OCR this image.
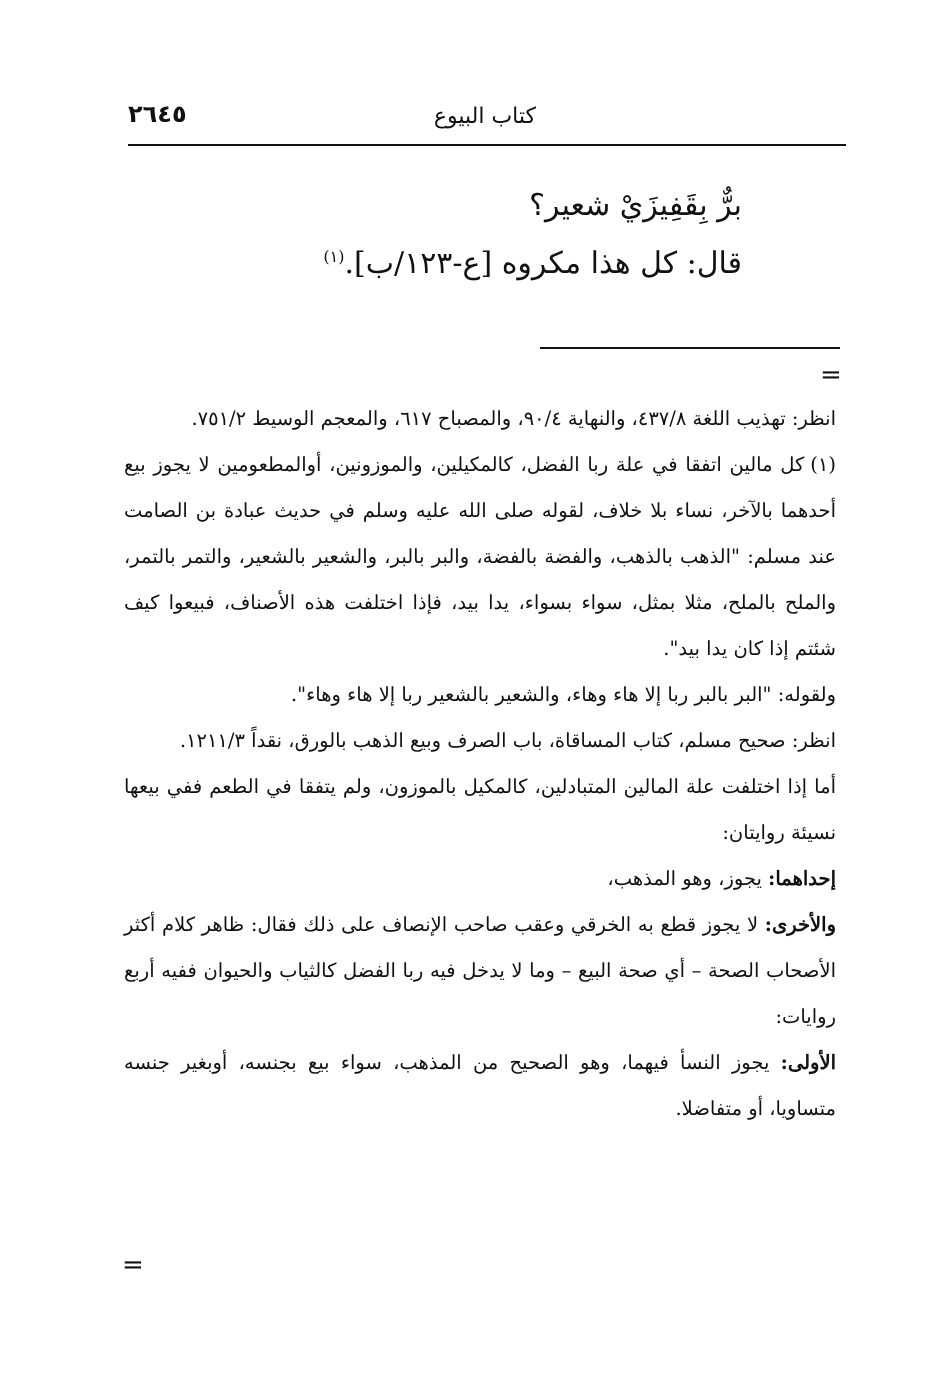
كتاب البيوع
٢٦٤٥
برٌّ بِقَفِيزَيْ شعير؟
قال: كل هذا مكروه [ع-١٢٣/ب].$^{(١)}$
=

انظر: تهذيب اللغة ٤٣٧/٨، والنهاية ٩٠/٤، والمصباح ٦١٧، والمعجم الوسيط ٧٥١/٢.

(١)كل مالين اتفقا في علة ربا الفضل، كالمكيلين، والموزونين، أوالمطعومين لا يجوز بيع أحدهما بالآخر، نساء بلا خلاف، لقوله صلى الله عليه وسلم في حديث عبادة بن الصامت عند مسلم: "الذهب بالذهب، والفضة بالفضة، والبر بالبر، والشعير بالشعير، والتمر بالتمر، والملح بالملح، مثلا بمثل، سواء بسواء، يدا بيد، فإذا اختلفت هذه الأصناف، فبيعوا كيف شئتم إذا كان يدا بيد".

ولقوله: "البر بالبر ربا إلا هاء وهاء، والشعير بالشعير ربا إلا هاء وهاء".

انظر: صحيح مسلم، كتاب المساقاة، باب الصرف وبيع الذهب بالورق، نقداً ١٢١١/٣.

أما إذا اختلفت علة المالين المتبادلين، كالمكيل بالموزون، ولم يتفقا في الطعم ففي بيعها نسيئة روايتان:

إحداهما: يجوز، وهو المذهب،

والأخرى: لا يجوز قطع به الخرقي وعقب صاحب الإنصاف على ذلك فقال: ظاهر كلام أكثر الأصحاب الصحة – أي صحة البيع – وما لا يدخل فيه ربا الفضل كالثياب والحيوان ففيه أربع روايات:

الأولى: يجوز النسأ فيهما، وهو الصحيح من المذهب، سواء بيع بجنسه، أوبغير جنسه متساويا، أو متفاضلا.

=
